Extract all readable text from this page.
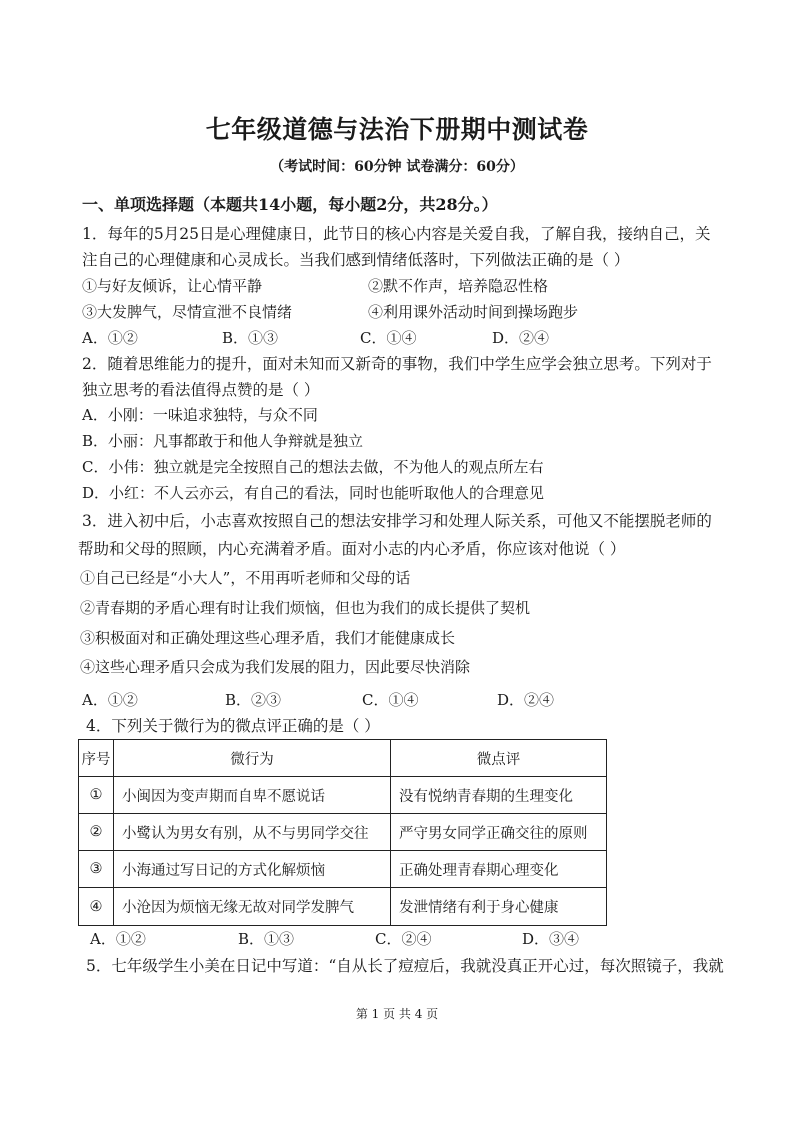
七年级道德与法治下册期中测试卷
（考试时间：60分钟 试卷满分：60分）
一、单项选择题（本题共14小题，每小题2分，共28分。）
1．每年的5月25日是心理健康日，此节日的核心内容是关爱自我，了解自我，接纳自己，关
注自己的心理健康和心灵成长。当我们感到情绪低落时，下列做法正确的是（ ）
①与好友倾诉，让心情平静	②默不作声，培养隐忍性格
③大发脾气，尽情宣泄不良情绪	④利用课外活动时间到操场跑步
A．①②	B．①③	C．①④	D．②④
2．随着思维能力的提升，面对未知而又新奇的事物，我们中学生应学会独立思考。下列对于
独立思考的看法值得点赞的是（ ）
A．小刚：一味追求独特，与众不同
B．小丽：凡事都敢于和他人争辩就是独立
C．小伟：独立就是完全按照自己的想法去做，不为他人的观点所左右
D．小红：不人云亦云，有自己的看法，同时也能听取他人的合理意见
3．进入初中后，小志喜欢按照自己的想法安排学习和处理人际关系，可他又不能摆脱老师的
帮助和父母的照顾，内心充满着矛盾。面对小志的内心矛盾，你应该对他说（ ）
①自己已经是“小大人”，不用再听老师和父母的话
②青春期的矛盾心理有时让我们烦恼，但也为我们的成长提供了契机
③积极面对和正确处理这些心理矛盾，我们才能健康成长
④这些心理矛盾只会成为我们发展的阻力，因此要尽快消除
A．①②	B．②③	C．①④	D．②④
4．下列关于微行为的微点评正确的是（ ）
序号	微行为	微点评
①	小闽因为变声期而自卑不愿说话	没有悦纳青春期的生理变化
②	小鹭认为男女有别，从不与男同学交往	严守男女同学正确交往的原则
③	小海通过写日记的方式化解烦恼	正确处理青春期心理变化
④	小沧因为烦恼无缘无故对同学发脾气	发泄情绪有利于身心健康
A．①②	B．①③	C．②④	D．③④
5．七年级学生小美在日记中写道：“自从长了痘痘后，我就没真正开心过，每次照镜子，我就
第 1 页 共 4 页
